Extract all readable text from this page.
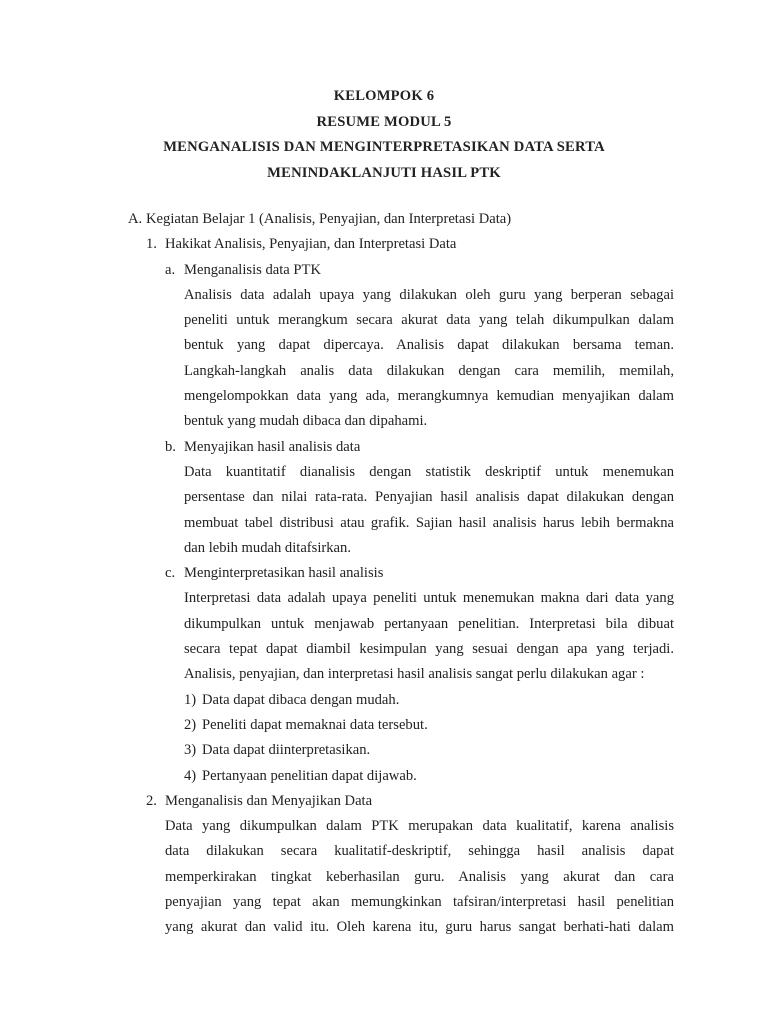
KELOMPOK 6
RESUME MODUL 5
MENGANALISIS DAN MENGINTERPRETASIKAN DATA SERTA
MENINDAKLANJUTI HASIL PTK
A. Kegiatan Belajar 1 (Analisis, Penyajian, dan Interpretasi Data)
1. Hakikat Analisis, Penyajian, dan Interpretasi Data
a. Menganalisis data PTK
Analisis data adalah upaya yang dilakukan oleh guru yang berperan sebagai
peneliti untuk merangkum secara akurat data yang telah dikumpulkan dalam
bentuk yang dapat dipercaya. Analisis dapat dilakukan bersama teman.
Langkah-langkah analis data dilakukan dengan cara memilih, memilah,
mengelompokkan data yang ada, merangkumnya kemudian menyajikan dalam
bentuk yang mudah dibaca dan dipahami.
b. Menyajikan hasil analisis data
Data kuantitatif dianalisis dengan statistik deskriptif untuk menemukan
persentase dan nilai rata-rata. Penyajian hasil analisis dapat dilakukan dengan
membuat tabel distribusi atau grafik. Sajian hasil analisis harus lebih bermakna
dan lebih mudah ditafsirkan.
c. Menginterpretasikan hasil analisis
Interpretasi data adalah upaya peneliti untuk menemukan makna dari data yang
dikumpulkan untuk menjawab pertanyaan penelitian. Interpretasi bila dibuat
secara tepat dapat diambil kesimpulan yang sesuai dengan apa yang terjadi.
Analisis, penyajian, dan interpretasi hasil analisis sangat perlu dilakukan agar :
1) Data dapat dibaca dengan mudah.
2) Peneliti dapat memaknai data tersebut.
3) Data dapat diinterpretasikan.
4) Pertanyaan penelitian dapat dijawab.
2. Menganalisis dan Menyajikan Data
Data yang dikumpulkan dalam PTK merupakan data kualitatif, karena analisis
data dilakukan secara kualitatif-deskriptif, sehingga hasil analisis dapat
memperkirakan tingkat keberhasilan guru. Analisis yang akurat dan cara
penyajian yang tepat akan memungkinkan tafsiran/interpretasi hasil penelitian
yang akurat dan valid itu. Oleh karena itu, guru harus sangat berhati-hati dalam
